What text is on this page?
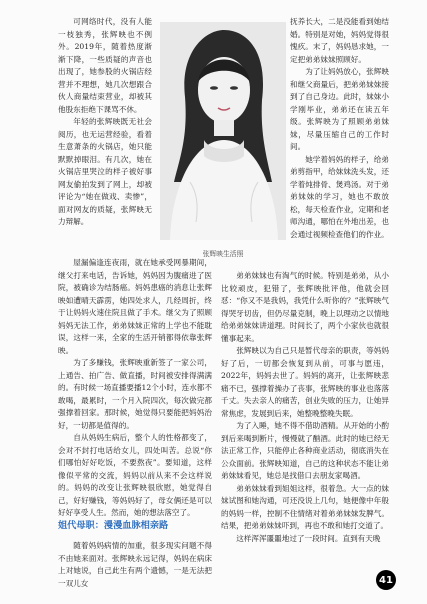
可网络时代，没有人能一枝独秀，张辉映也不例外。2019年，随着热度渐渐下降，一些质疑的声音也出现了，她参股的火锅店经营并不理想，她几次想跟合伙人商量结束营业，却被其他股东拒绝下课骂不休。

年轻的张辉映既无社会阅历，也无运营经验，看着生意萧条的火锅店，她只能默默掉眼泪。有几次，她在火锅店里哭泣的样子被好事网友偷拍发到了网上，却被评论为“她在做戏、卖惨”，面对网友的质疑，张辉映无力辩解。

张辉映生活照

抚养长大，二是没能看到她结婚。特别是对她，妈妈觉得很愧疚。末了，妈妈恳求她，一定把弟弟妹妹照顾好。

为了让妈妈放心，张辉映和继父商量后，把弟弟妹妹接到了自己身边。此时，妹妹小学刚毕业，弟弟还在读五年级。张辉映为了照顾弟弟妹妹，尽量压缩自己的工作时间。

她学着妈妈的样子，给弟弟剪指甲，给妹妹洗头发，还学着炖排骨、煲鸡汤。对于弟弟妹妹的学习，她也不敢放松，每天检查作业，定期和老师沟通，哪怕在外地出差，也会通过视频检查他们的作业。

屋漏偏逢连夜雨，就在她承受网暴期间，继父打来电话，告诉她，妈妈因为腹痛进了医院，被确诊为结肠癌。妈妈患癌的消息让张辉映如遭晴天霹雳，她四处求人，几经周折，终于让妈妈火速住院且做了手术。继父为了照顾妈妈无法工作，弟弟妹妹正常的上学也不能耽误，这样一来，全家的生活开销都得依靠张辉映。

为了多赚钱，张辉映重新签了一家公司，上通告、拍广告、做直播，时间被安排得满满的。有时候一场直播要播12个小时，连水都不敢喝，最累时，一个月入院四次，每次做完都强撑着回家。那时候，她觉得只要能把妈妈治好，一切都是值得的。

自从妈妈生病后，整个人的性格都变了，会对不封打电话给女儿，四处叫苦。总说“你们哪怕好好吃饭，不要熬夜”。要知道，这样像似平常的交流，妈妈以前从来不会这样说的。妈妈的改变让张辉映很欣慰，她觉得自己，好好赚钱，等妈妈好了，母女俩还是可以好好享受人生。然而，她的想法落空了。

弟弟妹妹也有淘气的时候。特别是弟弟，从小比较顽皮，犯错了，张辉映批评他，他就会回怼：“你又不是我妈，我凭什么听你的？”张辉映气得哭牙切齿，但仍尽量克制，晚上以理动之以情地给弟弟妹妹讲道理。时间长了，两个小家伙也就很懂事起来。

张辉映以为自己只是暂代母亲的职责，等妈妈好了后，一切都会恢复到从前，可事与愿违，2022年，妈妈去世了。妈妈的离开，让张辉映悲痛不已，强撑着操办了丧事，张辉映的事业也落落千丈。失去亲人的痛苦，创业失败的压力，让她异常焦虑，发展到后来，她整晚整晚失眠。

为了入睡，她不得不借助酒精。从开始的小酌到后来喝到断片，慢慢就了酗酒。此时的她已经无法正常工作，只能停止各种商业活动，彻底消失在公众面前。张辉映知道，自己的这种状态不能让弟弟妹妹看见，她总是找借口去朋友家喝酒。

弟弟妹妹看到姐姐这样，很着急。大一点的妹妹试图和她沟通，可还没说上几句，她便像中年般的妈妈一样，控制不住情绪对着弟弟妹妹发脾气。结果，把弟弟妹妹吓到，再也不敢和她打交道了。

这样浑浑噩噩地过了一段时间。直到有天晚

姐代母职：漫漫血脉相亲路

随着妈妈病情的加重，很多现实问题不得不由她来面对。张辉映永远记得，妈妈在病床上对她说，自己此生有两个遗憾，一是无法把一双儿女	41
